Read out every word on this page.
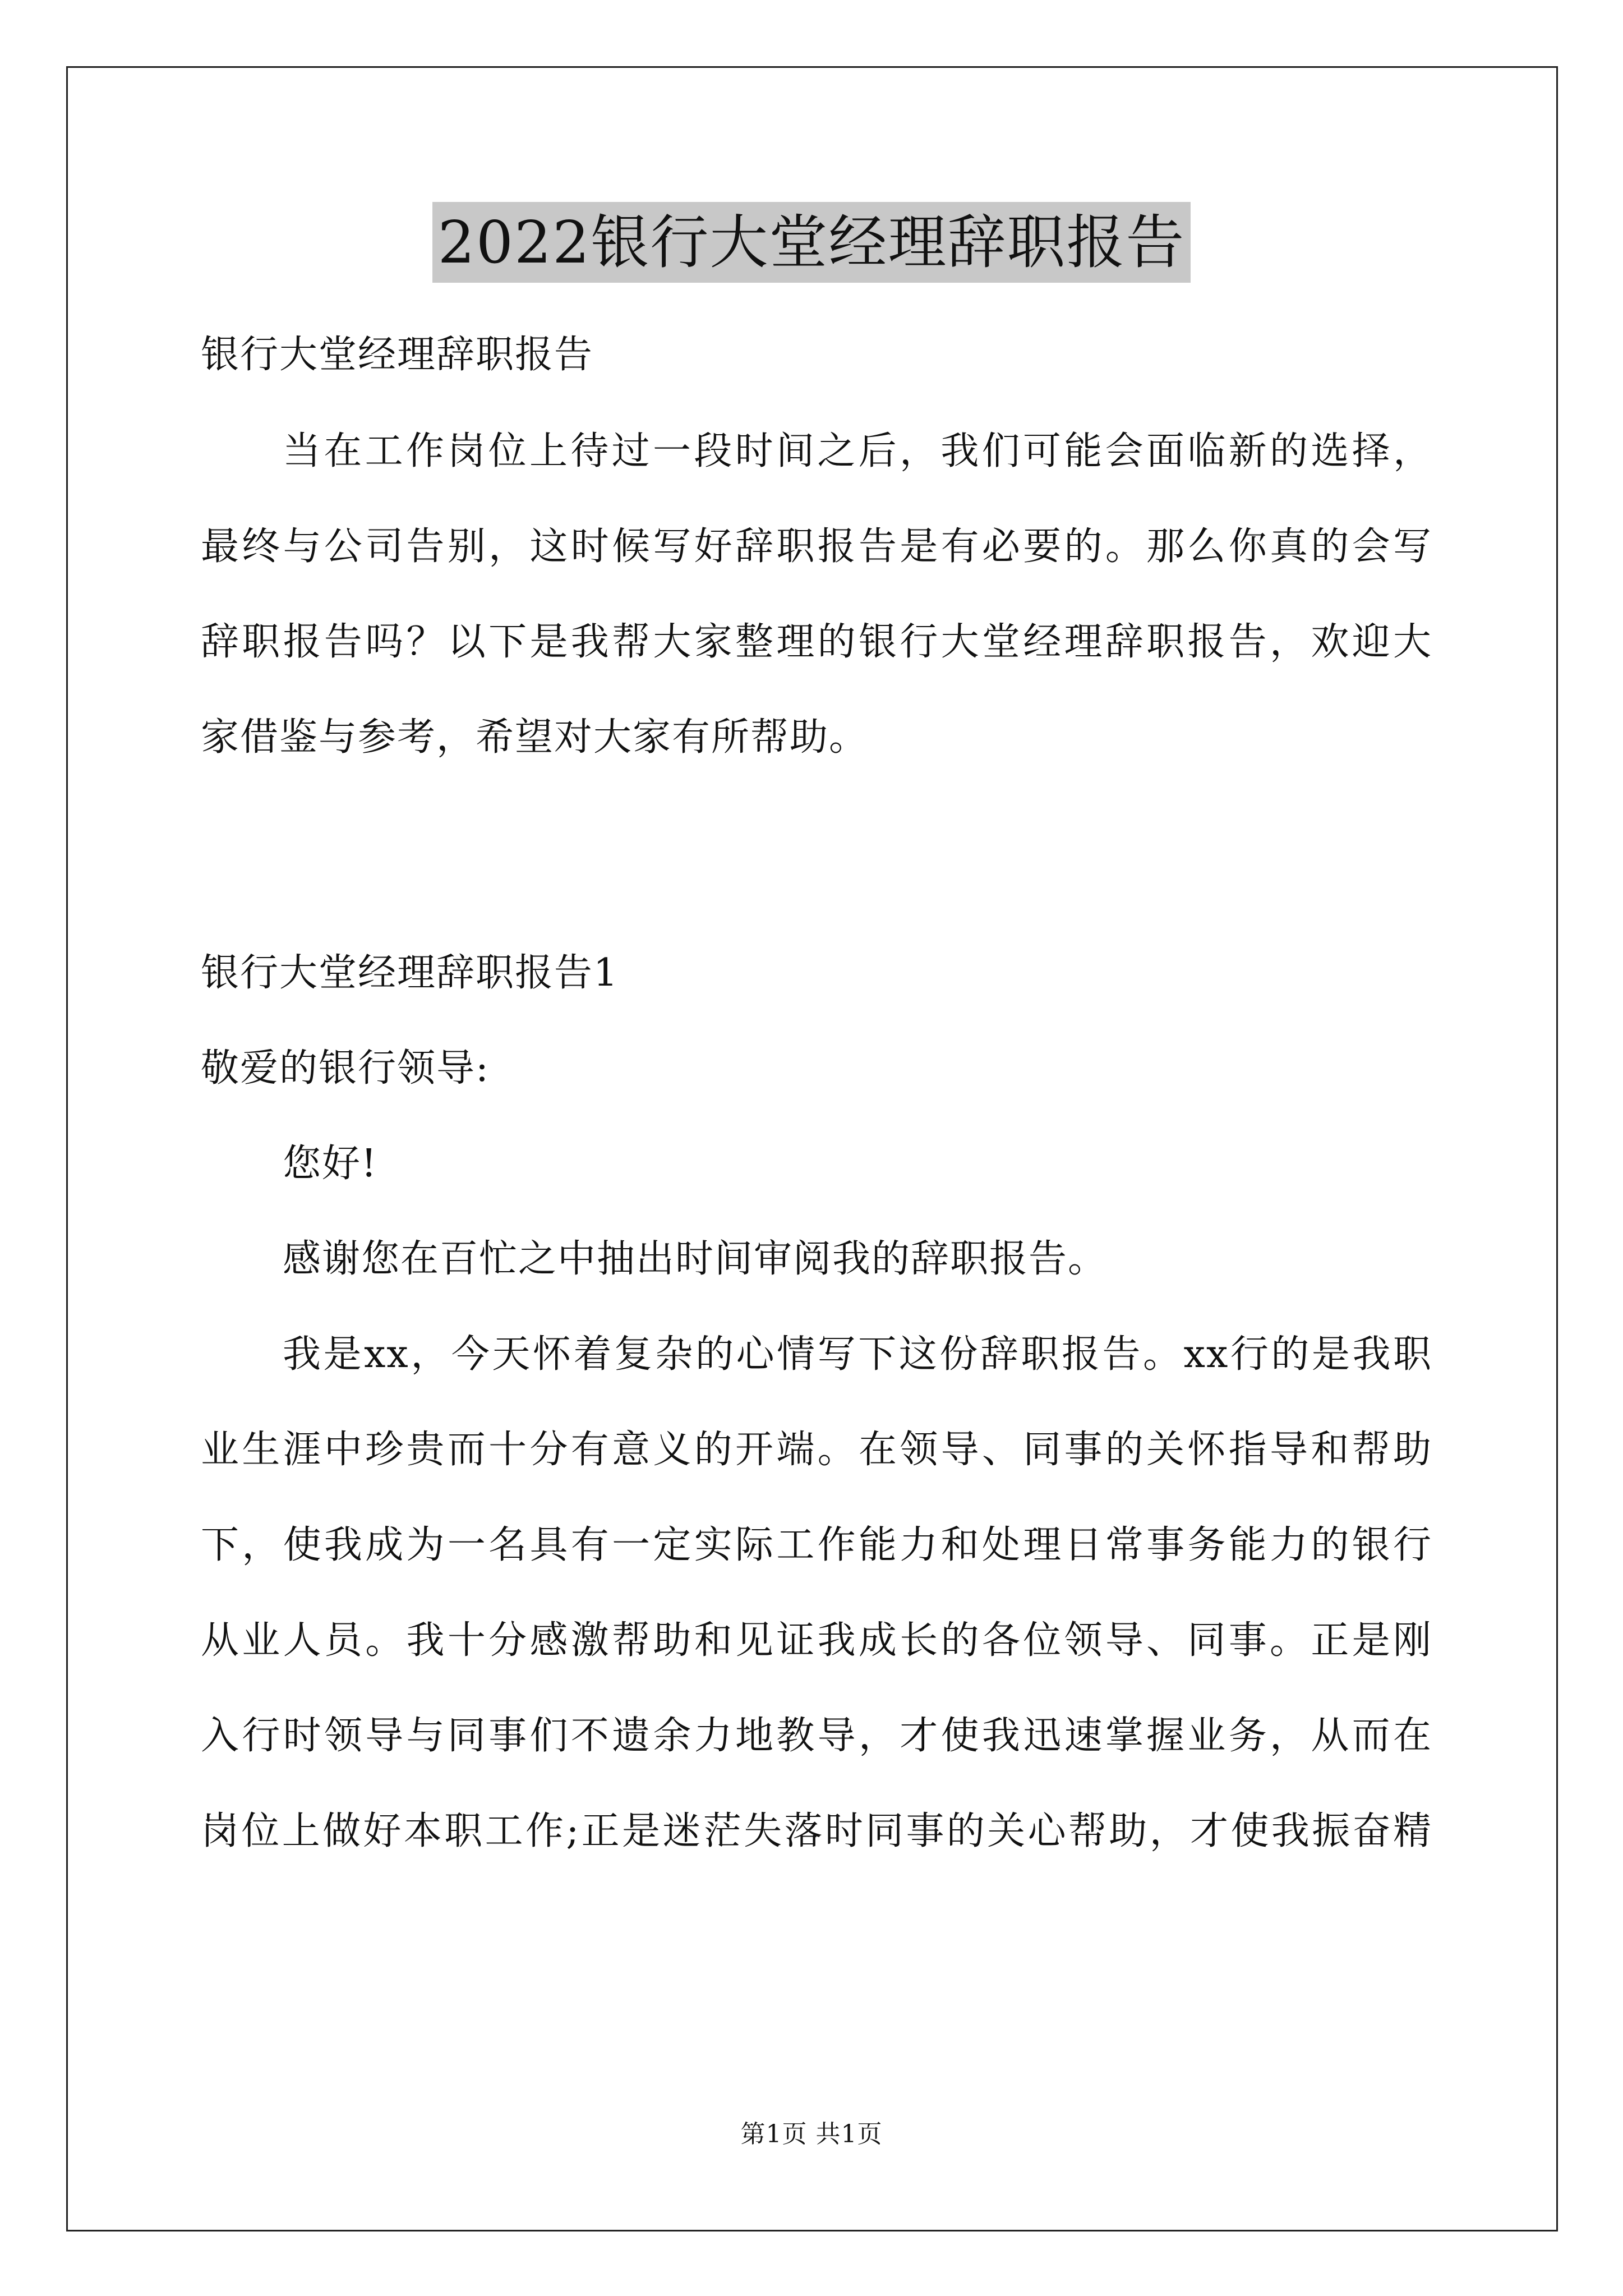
2022银行大堂经理辞职报告
银行大堂经理辞职报告
当在工作岗位上待过一段时间之后，我们可能会面临新的选择，
最终与公司告别，这时候写好辞职报告是有必要的。那么你真的会写
辞职报告吗？以下是我帮大家整理的银行大堂经理辞职报告，欢迎大
家借鉴与参考，希望对大家有所帮助。
银行大堂经理辞职报告1
敬爱的银行领导:
您好!
感谢您在百忙之中抽出时间审阅我的辞职报告。
我是xx，今天怀着复杂的心情写下这份辞职报告。xx行的是我职
业生涯中珍贵而十分有意义的开端。在领导、同事的关怀指导和帮助
下，使我成为一名具有一定实际工作能力和处理日常事务能力的银行
从业人员。我十分感激帮助和见证我成长的各位领导、同事。正是刚
入行时领导与同事们不遗余力地教导，才使我迅速掌握业务，从而在
岗位上做好本职工作;正是迷茫失落时同事的关心帮助，才使我振奋精
第1页 共1页
